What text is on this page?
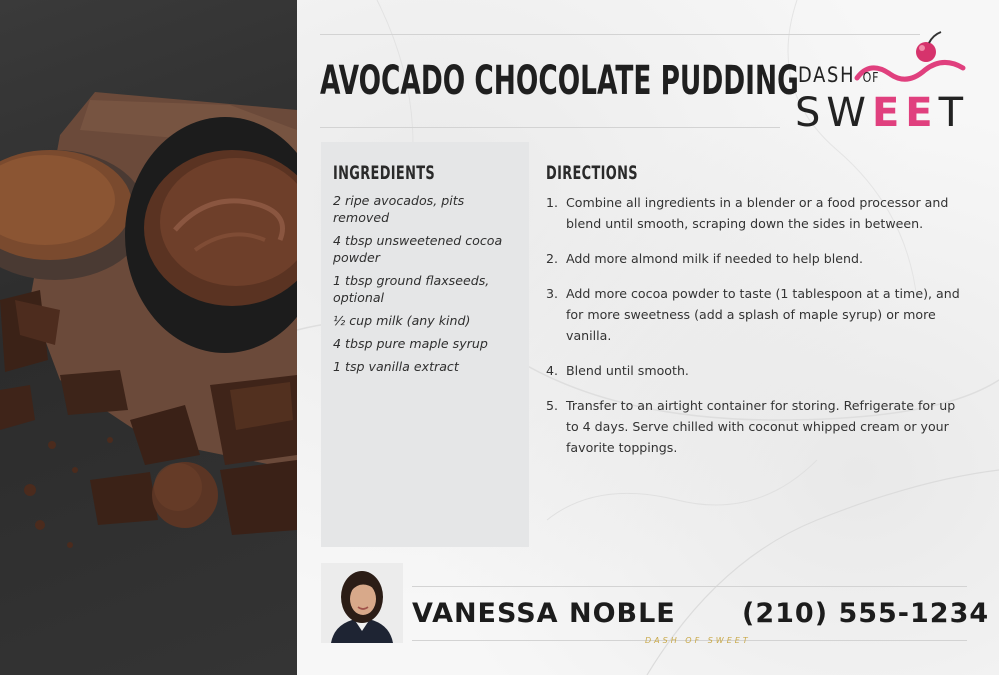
AVOCADO CHOCOLATE PUDDING DASH OF
SWEET
INGREDIENTS
2 ripe avocados, pits removed
4 tbsp unsweetened cocoa powder
1 tbsp ground flaxseeds, optional
½ cup milk (any kind)
4 tbsp pure maple syrup
1 tsp vanilla extract
DIRECTIONS
1. Combine all ingredients in a blender or a food processor and blend until smooth, scraping down the sides in between.
2. Add more almond milk if needed to help blend.
3. Add more cocoa powder to taste (1 tablespoon at a time), and for more sweetness (add a splash of maple syrup) or more vanilla.
4. Blend until smooth.
5. Transfer to an airtight container for storing. Refrigerate for up to 4 days. Serve chilled with coconut whipped cream or your favorite toppings.
VANESSA NOBLE (210) 555-1234
DASH OF SWEET
